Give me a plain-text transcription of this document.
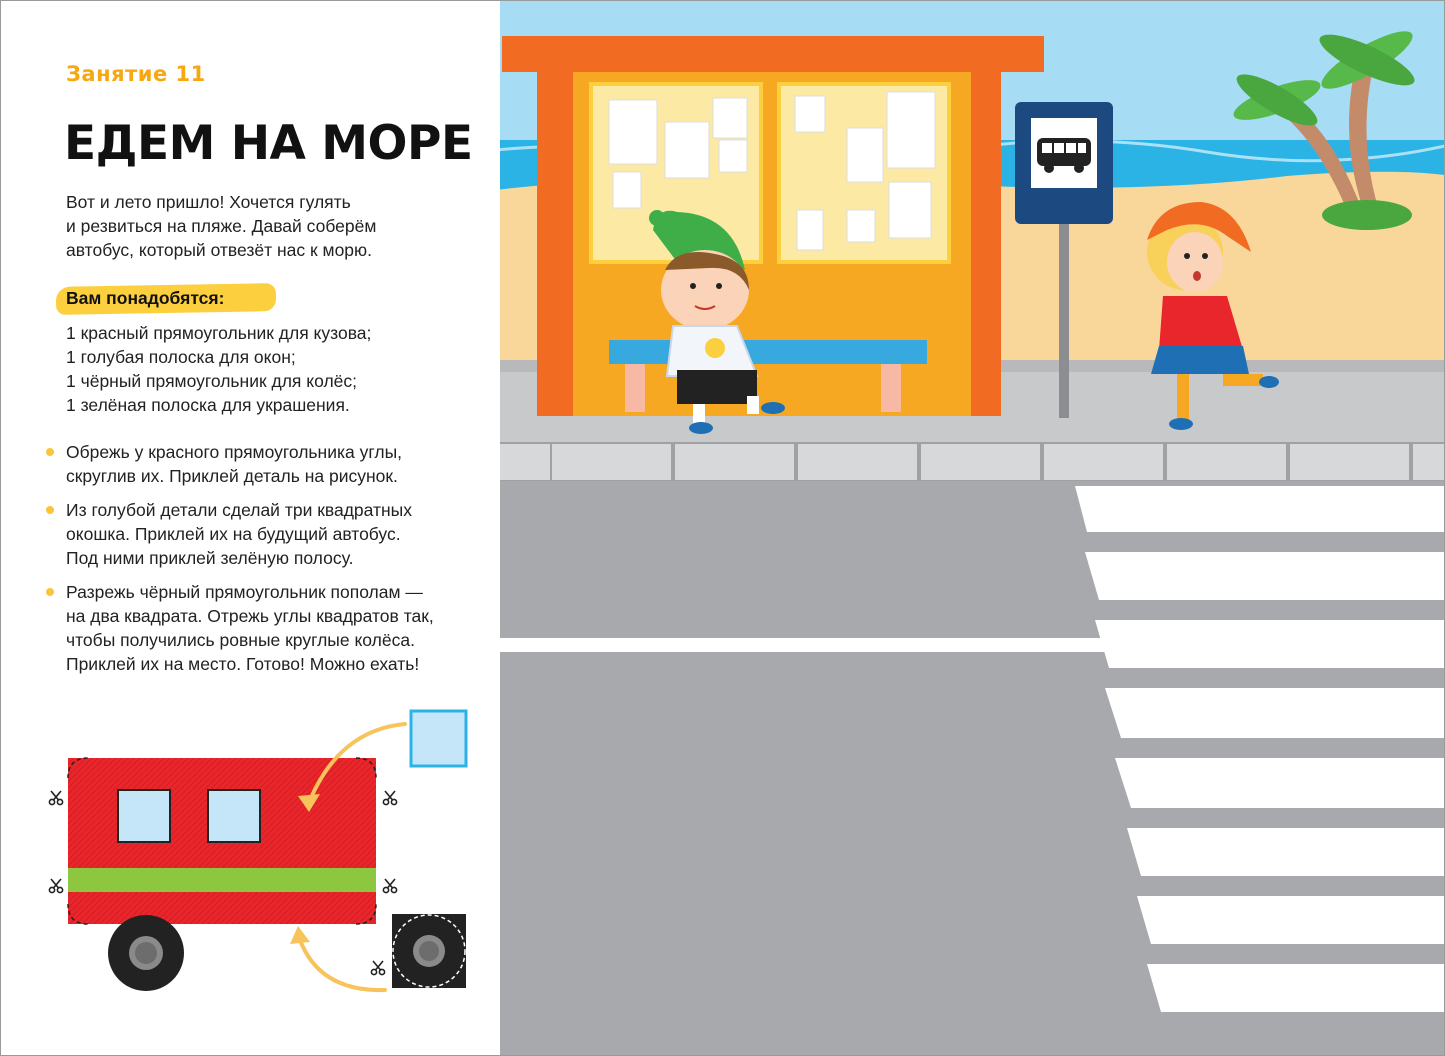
Занятие 11
ЕДЕМ НА МОРЕ
Вот и лето пришло! Хочется гулять
и резвиться на пляже. Давай соберём
автобус, который отвезёт нас к морю.
Вам понадобятся:
1 красный прямоугольник для кузова;
1 голубая полоска для окон;
1 чёрный прямоугольник для колёс;
1 зелёная полоска для украшения.
Обрежь у красного прямоугольника углы,
скруглив их. Приклей деталь на рисунок.
Из голубой детали сделай три квадратных
окошка. Приклей их на будущий автобус.
Под ними приклей зелёную полосу.
Разрежь чёрный прямоугольник пополам —
на два квадрата. Отрежь углы квадратов так,
чтобы получились ровные круглые колёса.
Приклей их на место. Готово! Можно ехать!
